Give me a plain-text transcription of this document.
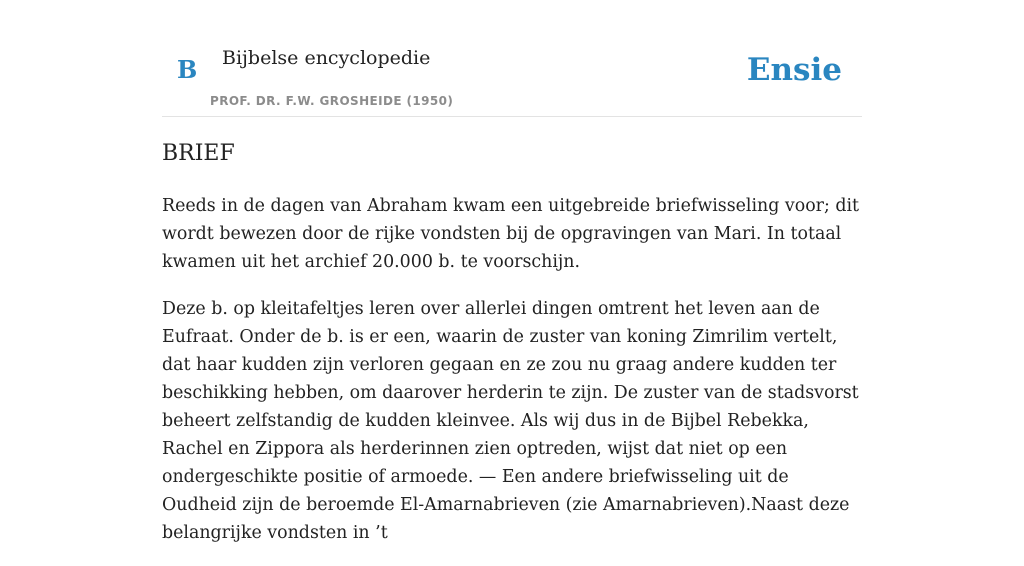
B Bijbelse encyclopedie
PROF. DR. F.W. GROSHEIDE (1950)
Ensie
BRIEF

Reeds in de dagen van Abraham kwam een uitgebreide briefwisseling voor; dit wordt bewezen door de rijke vondsten bij de opgravingen van Mari. In totaal kwamen uit het archief 20.000 b. te voorschijn.

Deze b. op kleitafeltjes leren over allerlei dingen omtrent het leven aan de Eufraat. Onder de b. is er een, waarin de zuster van koning Zimrilim vertelt, dat haar kudden zijn verloren gegaan en ze zou nu graag andere kudden ter beschikking hebben, om daarover herderin te zijn. De zuster van de stadsvorst beheert zelfstandig de kudden kleinvee. Als wij dus in de Bijbel Rebekka, Rachel en Zippora als herderinnen zien optreden, wijst dat niet op een ondergeschikte positie of armoede. — Een andere briefwisseling uit de Oudheid zijn de beroemde El-Amarnabrieven (zie Amarnabrieven).Naast deze belangrijke vondsten in ’t
